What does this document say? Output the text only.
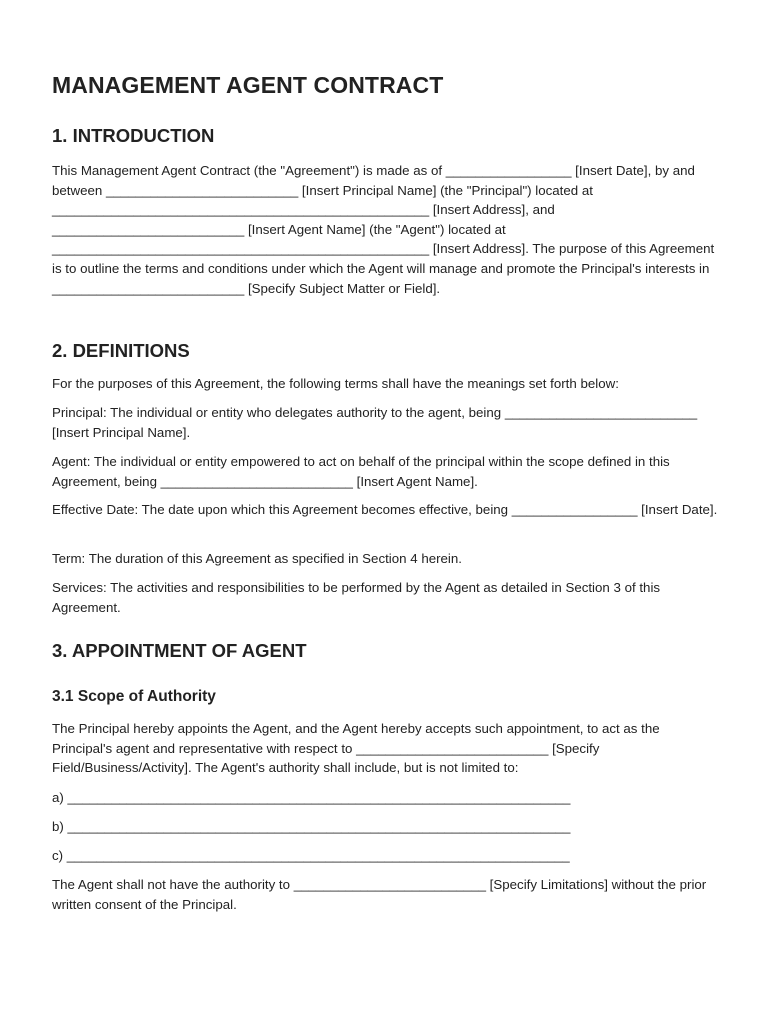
MANAGEMENT AGENT CONTRACT
1. INTRODUCTION

This Management Agent Contract (the "Agreement") is made as of _________________ [Insert Date], by and between __________________________ [Insert Principal Name] (the "Principal") located at ___________________________________________________ [Insert Address], and __________________________ [Insert Agent Name] (the "Agent") located at ___________________________________________________ [Insert Address]. The purpose of this Agreement is to outline the terms and conditions under which the Agent will manage and promote the Principal's interests in __________________________ [Specify Subject Matter or Field].

2. DEFINITIONS

For the purposes of this Agreement, the following terms shall have the meanings set forth below:

Principal: The individual or entity who delegates authority to the agent, being __________________________ [Insert Principal Name].

Agent: The individual or entity empowered to act on behalf of the principal within the scope defined in this Agreement, being __________________________ [Insert Agent Name].

Effective Date: The date upon which this Agreement becomes effective, being _________________ [Insert Date].

Term: The duration of this Agreement as specified in Section 4 herein.

Services: The activities and responsibilities to be performed by the Agent as detailed in Section 3 of this Agreement.

3. APPOINTMENT OF AGENT
3.1 Scope of Authority

The Principal hereby appoints the Agent, and the Agent hereby accepts such appointment, to act as the Principal's agent and representative with respect to __________________________ [Specify Field/Business/Activity]. The Agent's authority shall include, but is not limited to:

a) ____________________________________________________________________

b) ____________________________________________________________________

c) ____________________________________________________________________

The Agent shall not have the authority to __________________________ [Specify Limitations] without the prior written consent of the Principal.
